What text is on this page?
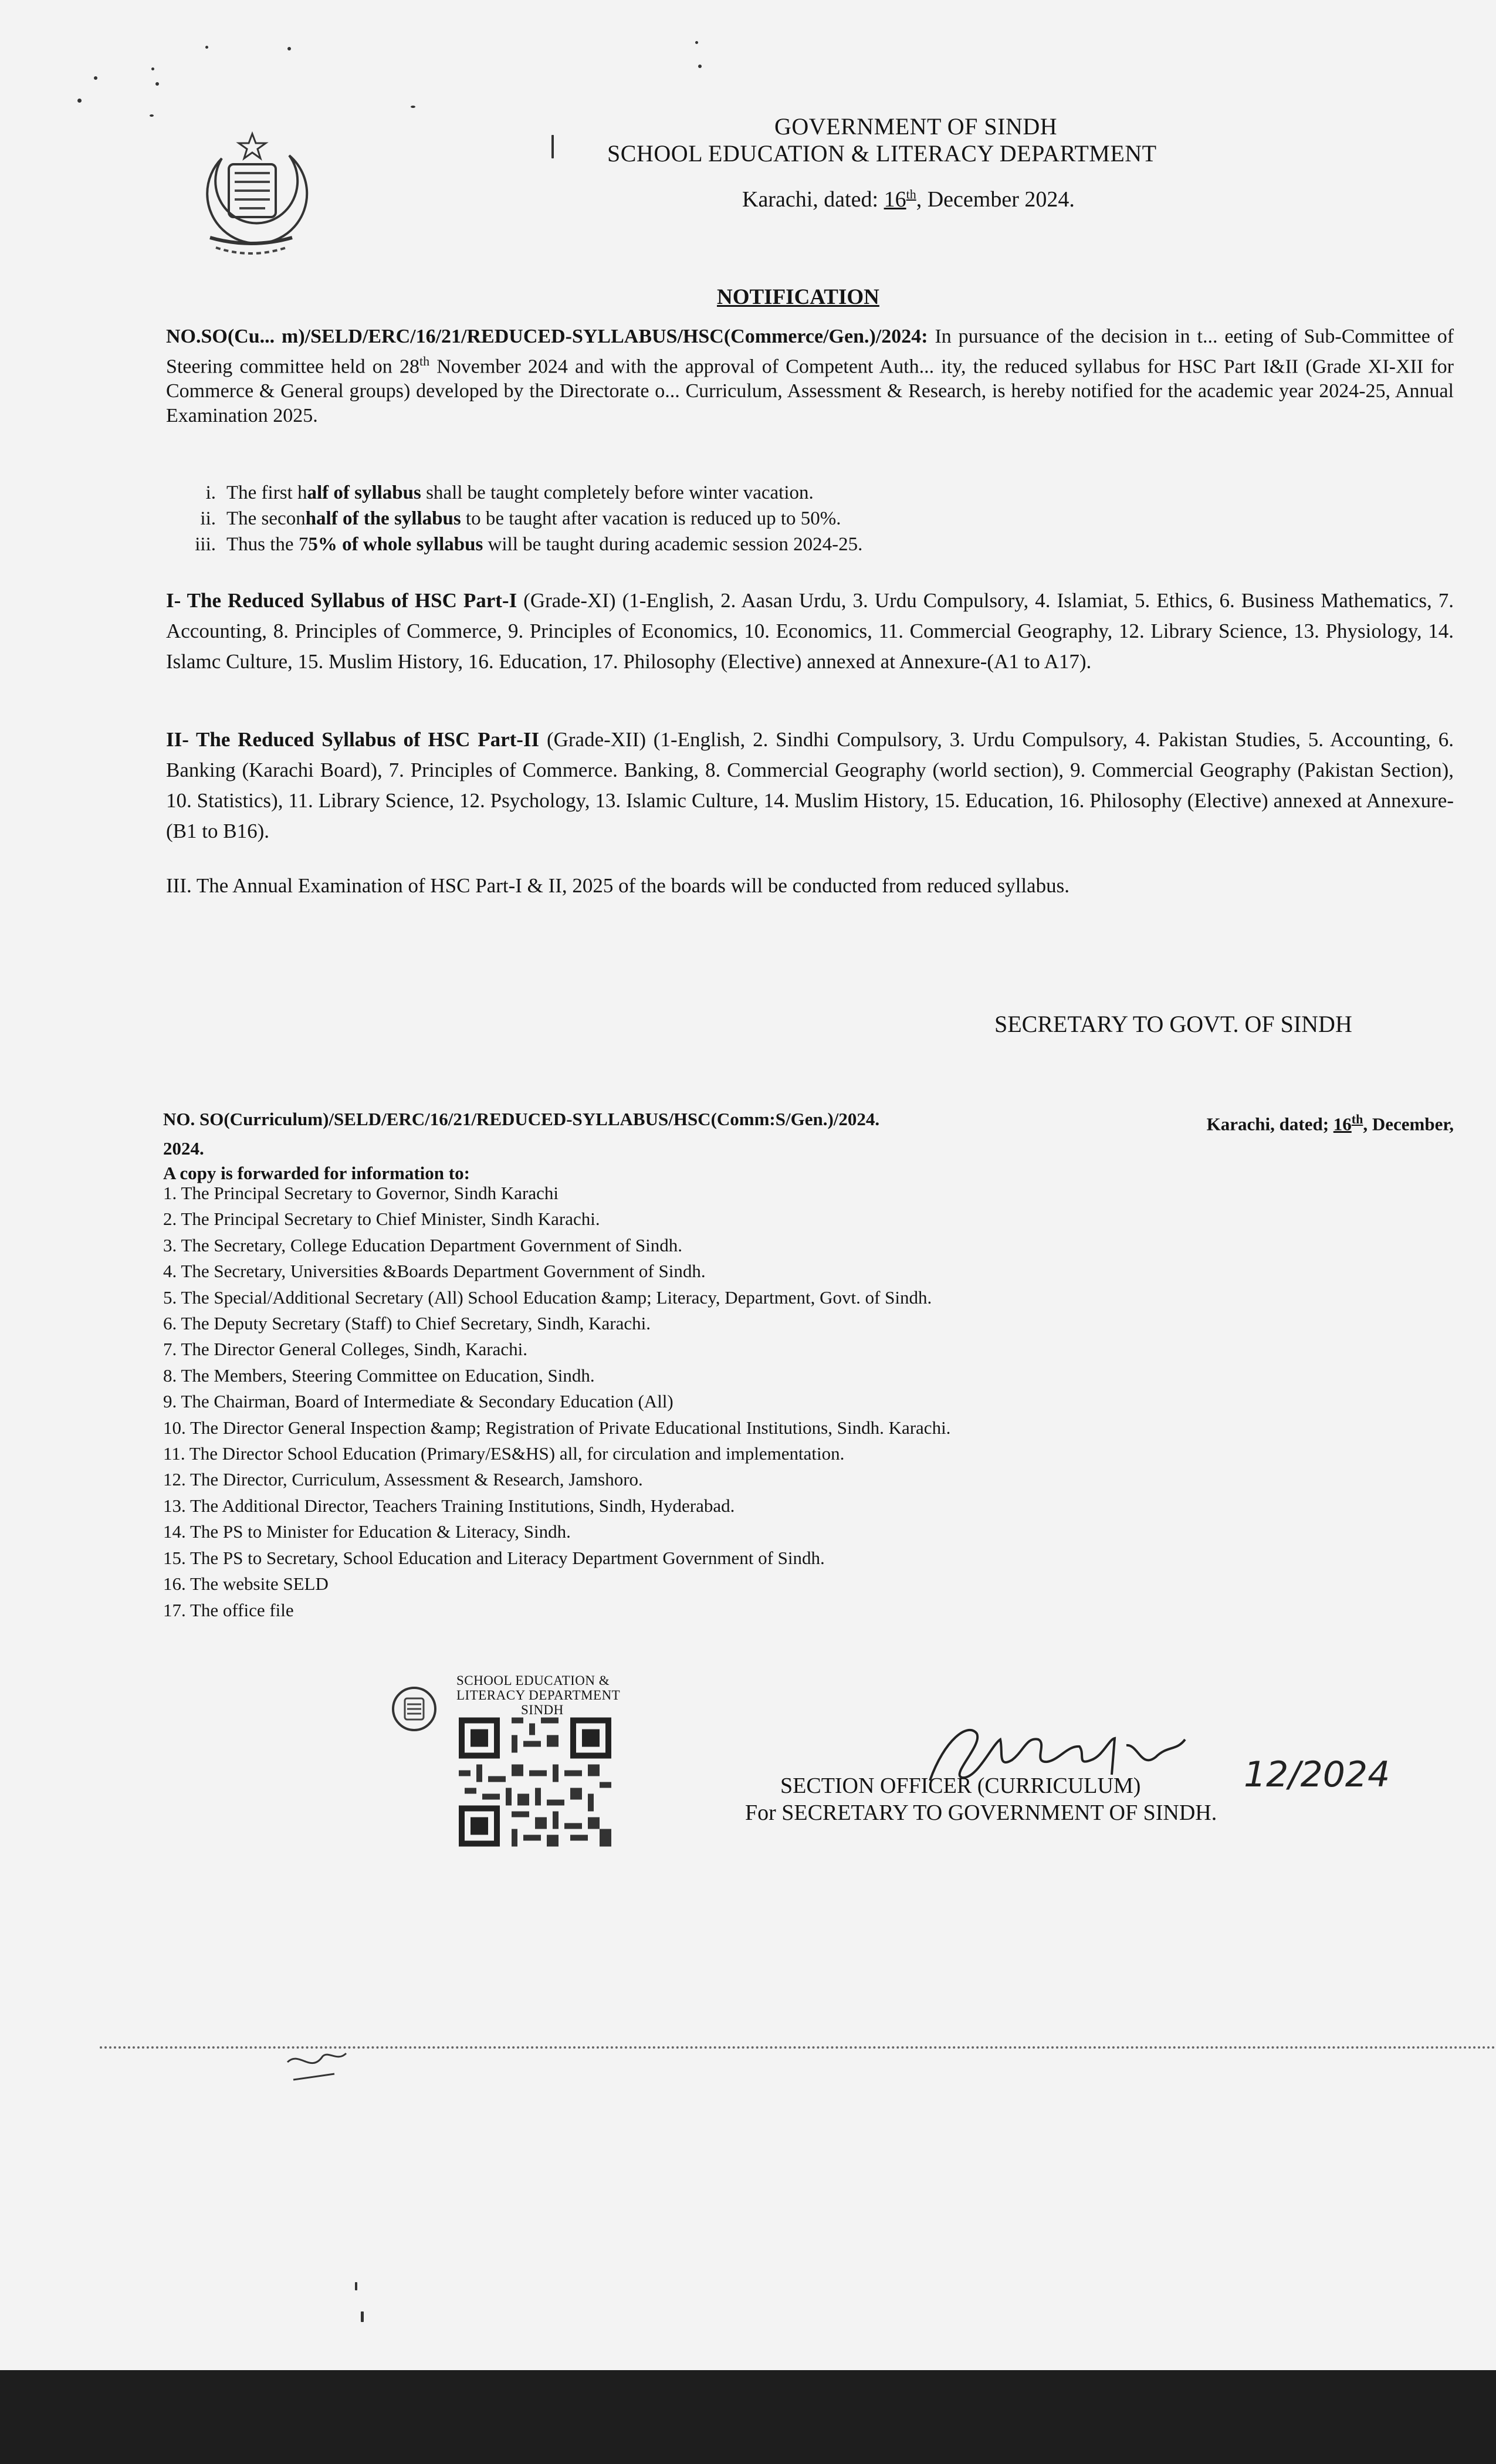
GOVERNMENT OF SINDH
SCHOOL EDUCATION & LITERACY DEPARTMENT
Karachi, dated: 16th, December 2024.
NOTIFICATION
NO.SO(Cu... m)/SELD/ERC/16/21/REDUCED-SYLLABUS/HSC(Commerce/Gen.)/2024: In pursuance of the decision in t... eeting of Sub-Committee of Steering committee held on 28th November 2024 and with the approval of Competent Auth... ity, the reduced syllabus for HSC Part I&II (Grade XI-XII for Commerce & General groups) developed by the Directorate o... Curriculum, Assessment & Research, is hereby notified for the academic year 2024-25, Annual Examination 2025.
i. The first half of syllabus shall be taught completely before winter vacation.
ii. The seconhalf of the syllabus to be taught after vacation is reduced up to 50%.
iii. Thus the 75% of whole syllabus will be taught during academic session 2024-25.
I- The Reduced Syllabus of HSC Part-I (Grade-XI) (1-English, 2. Aasan Urdu, 3. Urdu Compulsory, 4. Islamiat, 5. Ethics, 6. Business Mathematics, 7. Accounting, 8. Principles of Commerce, 9. Principles of Economics, 10. Economics, 11. Commercial Geography, 12. Library Science, 13. Physiology, 14. Islamc Culture, 15. Muslim History, 16. Education, 17. Philosophy (Elective) annexed at Annexure-(A1 to A17).
II- The Reduced Syllabus of HSC Part-II (Grade-XII) (1-English, 2. Sindhi Compulsory, 3. Urdu Compulsory, 4. Pakistan Studies, 5. Accounting, 6. Banking (Karachi Board), 7. Principles of Commerce. Banking, 8. Commercial Geography (world section), 9. Commercial Geography (Pakistan Section), 10. Statistics), 11. Library Science, 12. Psychology, 13. Islamic Culture, 14. Muslim History, 15. Education, 16. Philosophy (Elective) annexed at Annexure- (B1 to B16).
III. The Annual Examination of HSC Part-I & II, 2025 of the boards will be conducted from reduced syllabus.
SECRETARY TO GOVT. OF SINDH
NO. SO(Curriculum)/SELD/ERC/16/21/REDUCED-SYLLABUS/HSC(Comm:S/Gen.)/2024.	Karachi, dated; 16th, December,
2024.
A copy is forwarded for information to:
1. The Principal Secretary to Governor, Sindh Karachi
2. The Principal Secretary to Chief Minister, Sindh Karachi.
3. The Secretary, College Education Department Government of Sindh.
4. The Secretary, Universities &Boards Department Government of Sindh.
5. The Special/Additional Secretary (All) School Education &amp; Literacy, Department, Govt. of Sindh.
6. The Deputy Secretary (Staff) to Chief Secretary, Sindh, Karachi.
7. The Director General Colleges, Sindh, Karachi.
8. The Members, Steering Committee on Education, Sindh.
9. The Chairman, Board of Intermediate & Secondary Education (All)
10. The Director General Inspection &amp; Registration of Private Educational Institutions, Sindh. Karachi.
11. The Director School Education (Primary/ES&HS) all, for circulation and implementation.
12. The Director, Curriculum, Assessment & Research, Jamshoro.
13. The Additional Director, Teachers Training Institutions, Sindh, Hyderabad.
14. The PS to Minister for Education & Literacy, Sindh.
15. The PS to Secretary, School Education and Literacy Department Government of Sindh.
16. The website SELD
17. The office file
SCHOOL EDUCATION &
LITERACY DEPARTMENT
SINDH
12/2024
SECTION OFFICER (CURRICULUM)
For SECRETARY TO GOVERNMENT OF SINDH.
